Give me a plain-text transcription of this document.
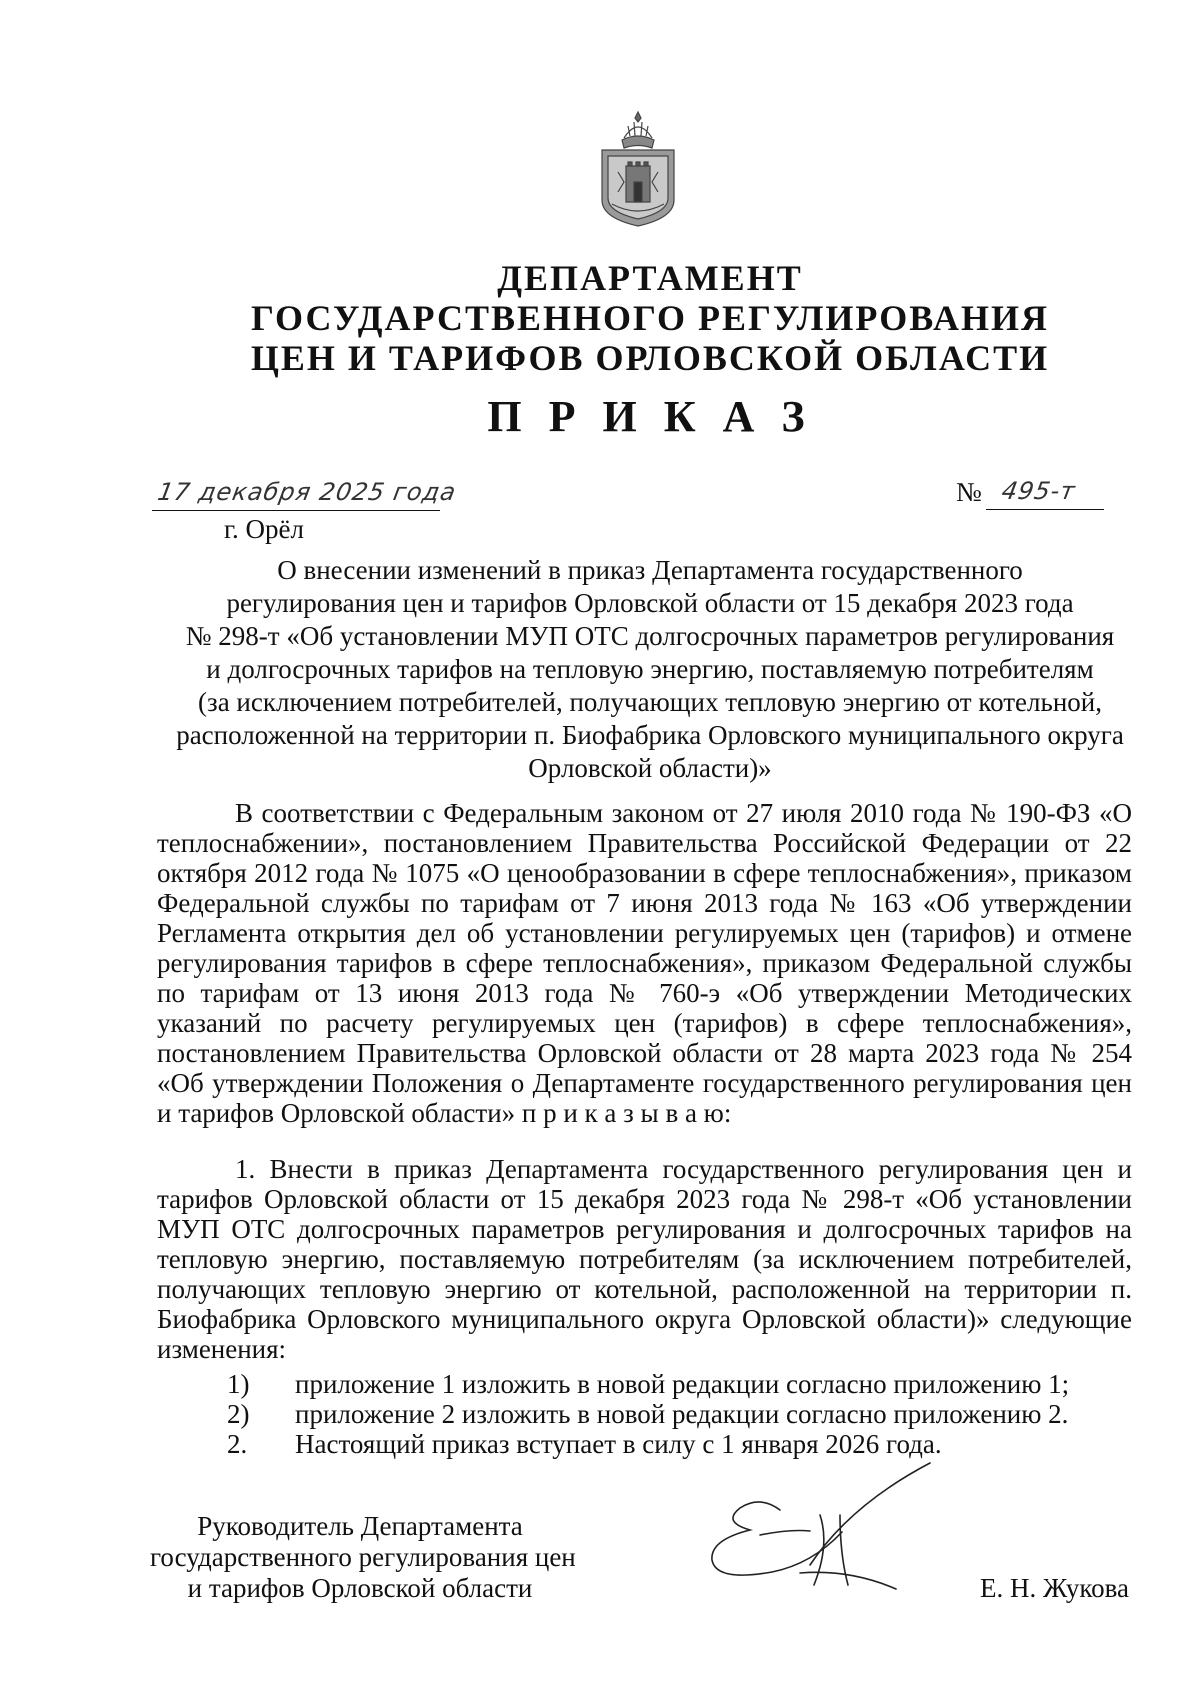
ДЕПАРТАМЕНТ
ГОСУДАРСТВЕННОГО РЕГУЛИРОВАНИЯ
ЦЕН И ТАРИФОВ ОРЛОВСКОЙ ОБЛАСТИ
П Р И К А З
17 декабря 2025 года	№ 495-т
г. Орёл
О внесении изменений в приказ Департамента государственного
регулирования цен и тарифов Орловской области от 15 декабря 2023 года
№ 298-т «Об установлении МУП ОТС долгосрочных параметров регулирования
и долгосрочных тарифов на тепловую энергию, поставляемую потребителям
(за исключением потребителей, получающих тепловую энергию от котельной,
расположенной на территории п. Биофабрика Орловского муниципального округа
Орловской области)»
В соответствии с Федеральным законом от 27 июля 2010 года № 190-ФЗ «О теплоснабжении», постановлением Правительства Российской Федерации от 22 октября 2012 года № 1075 «О ценообразовании в сфере теплоснабжения», приказом Федеральной службы по тарифам от 7 июня 2013 года № 163 «Об утверждении Регламента открытия дел об установлении регулируемых цен (тарифов) и отмене регулирования тарифов в сфере теплоснабжения», приказом Федеральной службы по тарифам от 13 июня 2013 года № 760-э «Об утверждении Методических указаний по расчету регулируемых цен (тарифов) в сфере теплоснабжения», постановлением Правительства Орловской области от 28 марта 2023 года № 254 «Об утверждении Положения о Департаменте государственного регулирования цен и тарифов Орловской области» п р и к а з ы в а ю:
1. Внести в приказ Департамента государственного регулирования цен и тарифов Орловской области от 15 декабря 2023 года № 298-т «Об установлении МУП ОТС долгосрочных параметров регулирования и долгосрочных тарифов на тепловую энергию, поставляемую потребителям (за исключением потребителей, получающих тепловую энергию от котельной, расположенной на территории п. Биофабрика Орловского муниципального округа Орловской области)» следующие изменения:
1) приложение 1 изложить в новой редакции согласно приложению 1;
2) приложение 2 изложить в новой редакции согласно приложению 2.
2. Настоящий приказ вступает в силу с 1 января 2026 года.
Руководитель Департамента
государственного регулирования цен
и тарифов Орловской области	Е. Н. Жукова
